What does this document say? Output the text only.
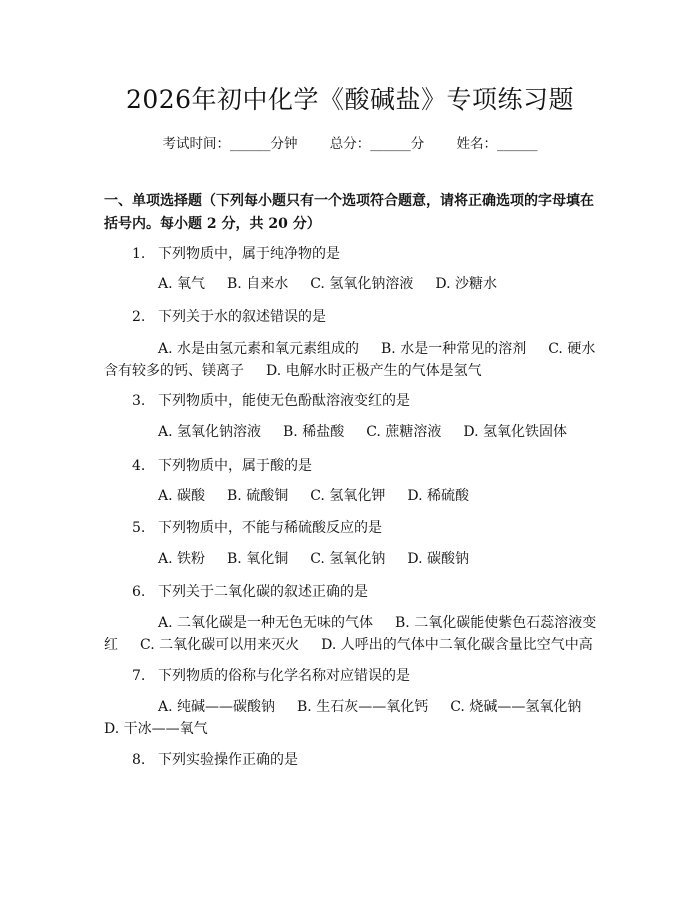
2026年初中化学《酸碱盐》专项练习题
考试时间：______分钟 总分：______分 姓名：______
一、单项选择题（下列每小题只有一个选项符合题意，请将正确选项的字母填在
括号内。每小题 2 分，共 20 分）
1. 下列物质中，属于纯净物的是
A. 氧气 B. 自来水 C. 氢氧化钠溶液 D. 沙糖水
2. 下列关于水的叙述错误的是
A. 水是由氢元素和氧元素组成的 B. 水是一种常见的溶剂 C. 硬水
含有较多的钙、镁离子 D. 电解水时正极产生的气体是氢气
3. 下列物质中，能使无色酚酞溶液变红的是
A. 氢氧化钠溶液 B. 稀盐酸 C. 蔗糖溶液 D. 氢氧化铁固体
4. 下列物质中，属于酸的是
A. 碳酸 B. 硫酸铜 C. 氢氧化钾 D. 稀硫酸
5. 下列物质中，不能与稀硫酸反应的是
A. 铁粉 B. 氧化铜 C. 氢氧化钠 D. 碳酸钠
6. 下列关于二氧化碳的叙述正确的是
A. 二氧化碳是一种无色无味的气体 B. 二氧化碳能使紫色石蕊溶液变
红 C. 二氧化碳可以用来灭火 D. 人呼出的气体中二氧化碳含量比空气中高
7. 下列物质的俗称与化学名称对应错误的是
A. 纯碱——碳酸钠 B. 生石灰——氧化钙 C. 烧碱——氢氧化钠
D. 干冰——氧气
8. 下列实验操作正确的是
